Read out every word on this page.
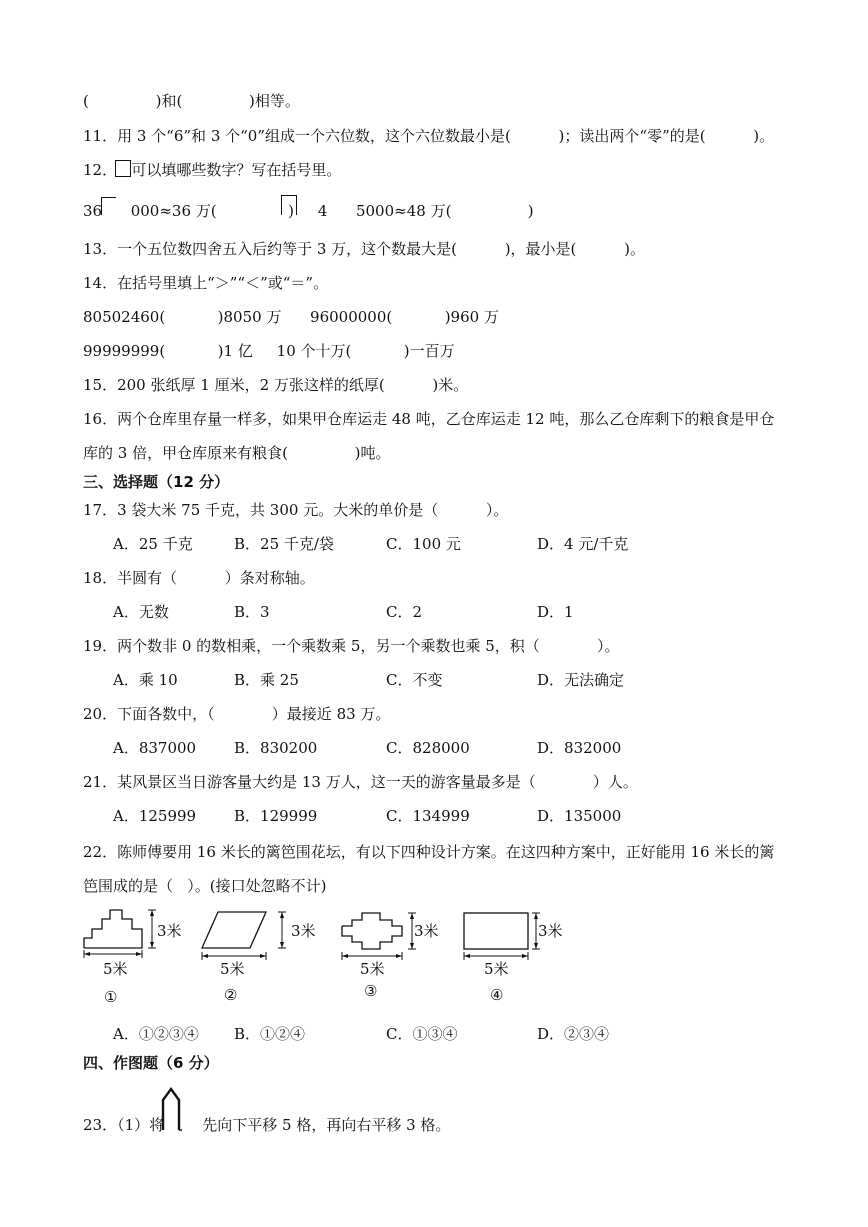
(              )和(              )相等。
11．用 3 个“6”和 3 个“0”组成一个六位数，这个六位数最小是(          )；读出两个“零”的是(          )。
12．   可以填哪些数字？写在括号里。
36      000≈36 万(               )     4      5000≈48 万(                )
13．一个五位数四舍五入后约等于 3 万，这个数最大是(          )，最小是(          )。
14．在括号里填上“＞”“＜”或“＝”。
80502460(           )8050 万      96000000(           )960 万
99999999(           )1 亿     10 个十万(           )一百万
15．200 张纸厚 1 厘米，2 万张这样的纸厚(          )米。
16．两个仓库里存量一样多，如果甲仓库运走 48 吨，乙仓库运走 12 吨，那么乙仓库剩下的粮食是甲仓
库的 3 倍，甲仓库原来有粮食(              )吨。
三、选择题（12 分）
17．3 袋大米 75 千克，共 300 元。大米的单价是（          ）。
A．25 千克	B．25 千克/袋	C．100 元	D．4 元/千克
18．半圆有（          ）条对称轴。
A．无数	B．3	C．2	D．1
19．两个数非 0 的数相乘，一个乘数乘 5，另一个乘数也乘 5，积（            ）。
A．乘 10	B．乘 25	C．不变	D．无法确定
20．下面各数中，（            ）最接近 83 万。
A．837000	B．830200	C．828000	D．832000
21．某风景区当日游客量大约是 13 万人，这一天的游客量最多是（            ）人。
A．125999	B．129999	C．134999	D．135000
22．陈师傅要用 16 米长的篱笆围花坛，有以下四种设计方案。在这四种方案中，正好能用 16 米长的篱
笆围成的是（   ）。(接口处忽略不计)
3米
5米
①
3米
5米
②
3米
5米
③
3米
5米
④
A．①②③④ B．①②④	C．①③④	D．②③④
四、作图题（6 分）
23．（1）将        先向下平移 5 格，再向右平移 3 格。
